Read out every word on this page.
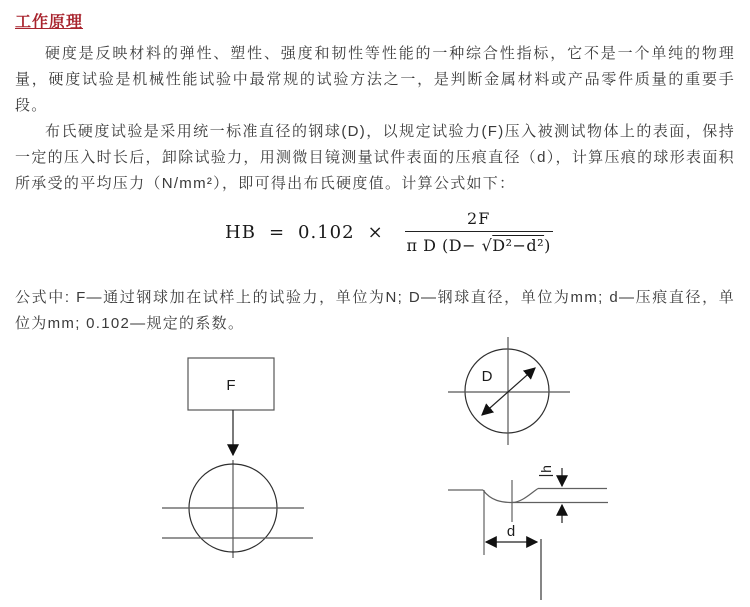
工作原理

硬度是反映材料的弹性、塑性、强度和韧性等性能的一种综合性指标，它不是一个单纯的物理量，硬度试验是机械性能试验中最常规的试验方法之一，是判断金属材料或产品零件质量的重要手段。

布氏硬度试验是采用统一标准直径的钢球(D)，以规定试验力(F)压入被测试物体上的表面，保持一定的压入时长后，卸除试验力，用测微目镜测量试件表面的压痕直径（d），计算压痕的球形表面积所承受的平均压力（N/mm²），即可得出布氏硬度值。计算公式如下：

HB = $0.102 \times \frac{2F}{\text{π D (D− √D²−d²)}}$

公式中: F—通过钢球加在试样上的试验力，单位为N; D—钢球直径，单位为mm; d—压痕直径，单位为mm; 0.102—规定的系数。

F
D
h
d
